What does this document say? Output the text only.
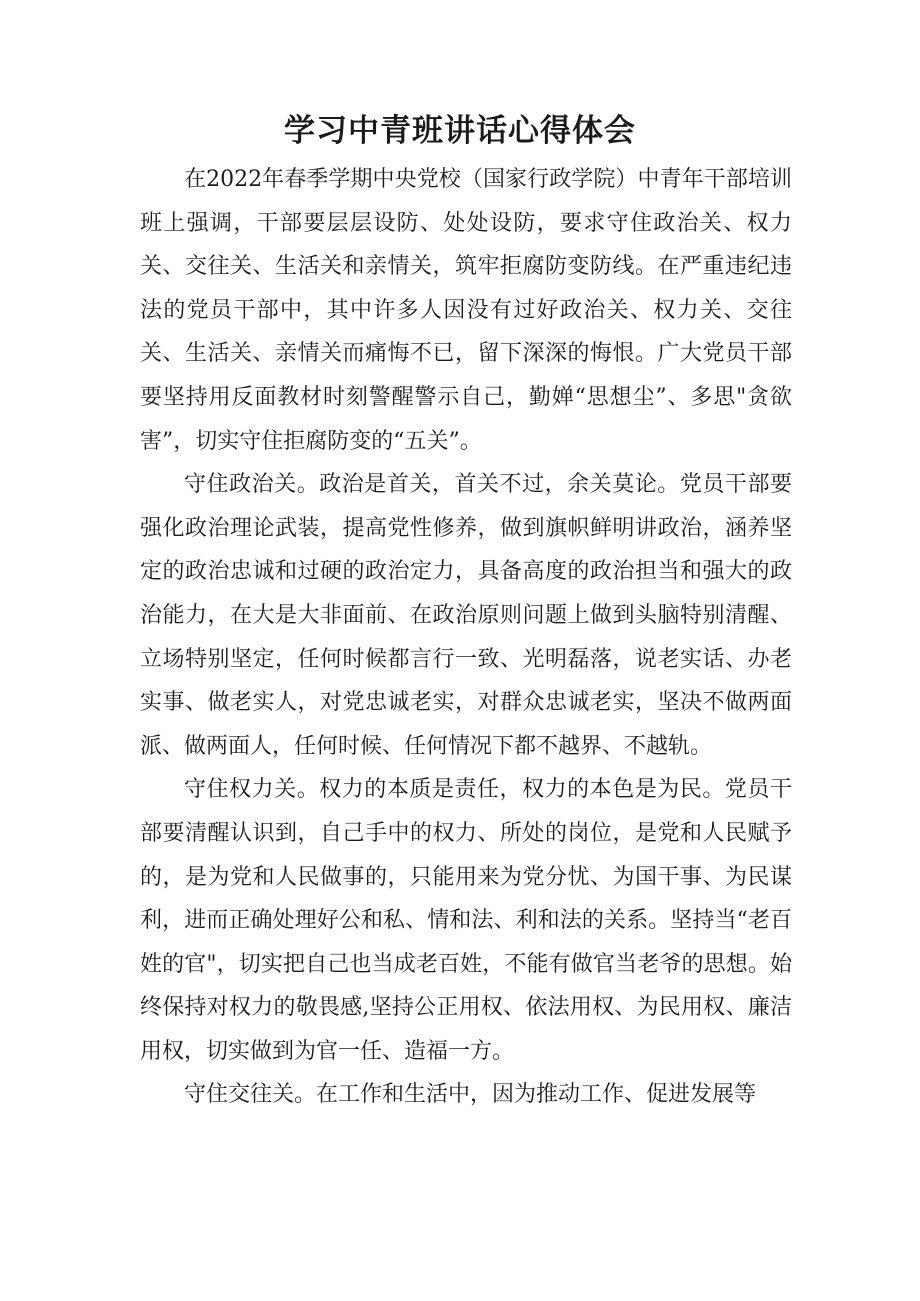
学习中青班讲话心得体会

在2022年春季学期中央党校（国家行政学院）中青年干部培训班上强调，干部要层层设防、处处设防，要求守住政治关、权力关、交往关、生活关和亲情关，筑牢拒腐防变防线。在严重违纪违法的党员干部中，其中许多人因没有过好政治关、权力关、交往关、生活关、亲情关而痛悔不已，留下深深的悔恨。广大党员干部要坚持用反面教材时刻警醒警示自己，勤婵“思想尘”、多思"贪欲害”，切实守住拒腐防变的“五关”。

守住政治关。政治是首关，首关不过，余关莫论。党员干部要强化政治理论武装，提高党性修养，做到旗帜鲜明讲政治，涵养坚定的政治忠诚和过硬的政治定力，具备高度的政治担当和强大的政治能力，在大是大非面前、在政治原则问题上做到头脑特别清醒、立场特别坚定，任何时候都言行一致、光明磊落，说老实话、办老实事、做老实人，对党忠诚老实，对群众忠诚老实，坚决不做两面派、做两面人，任何时候、任何情况下都不越界、不越轨。

守住权力关。权力的本质是责任，权力的本色是为民。党员干部要清醒认识到，自己手中的权力、所处的岗位，是党和人民赋予的，是为党和人民做事的，只能用来为党分忧、为国干事、为民谋利，进而正确处理好公和私、情和法、利和法的关系。坚持当“老百姓的官"，切实把自己也当成老百姓，不能有做官当老爷的思想。始终保持对权力的敬畏感,坚持公正用权、依法用权、为民用权、廉洁用权，切实做到为官一任、造福一方。

守住交往关。在工作和生活中，因为推动工作、促进发展等
